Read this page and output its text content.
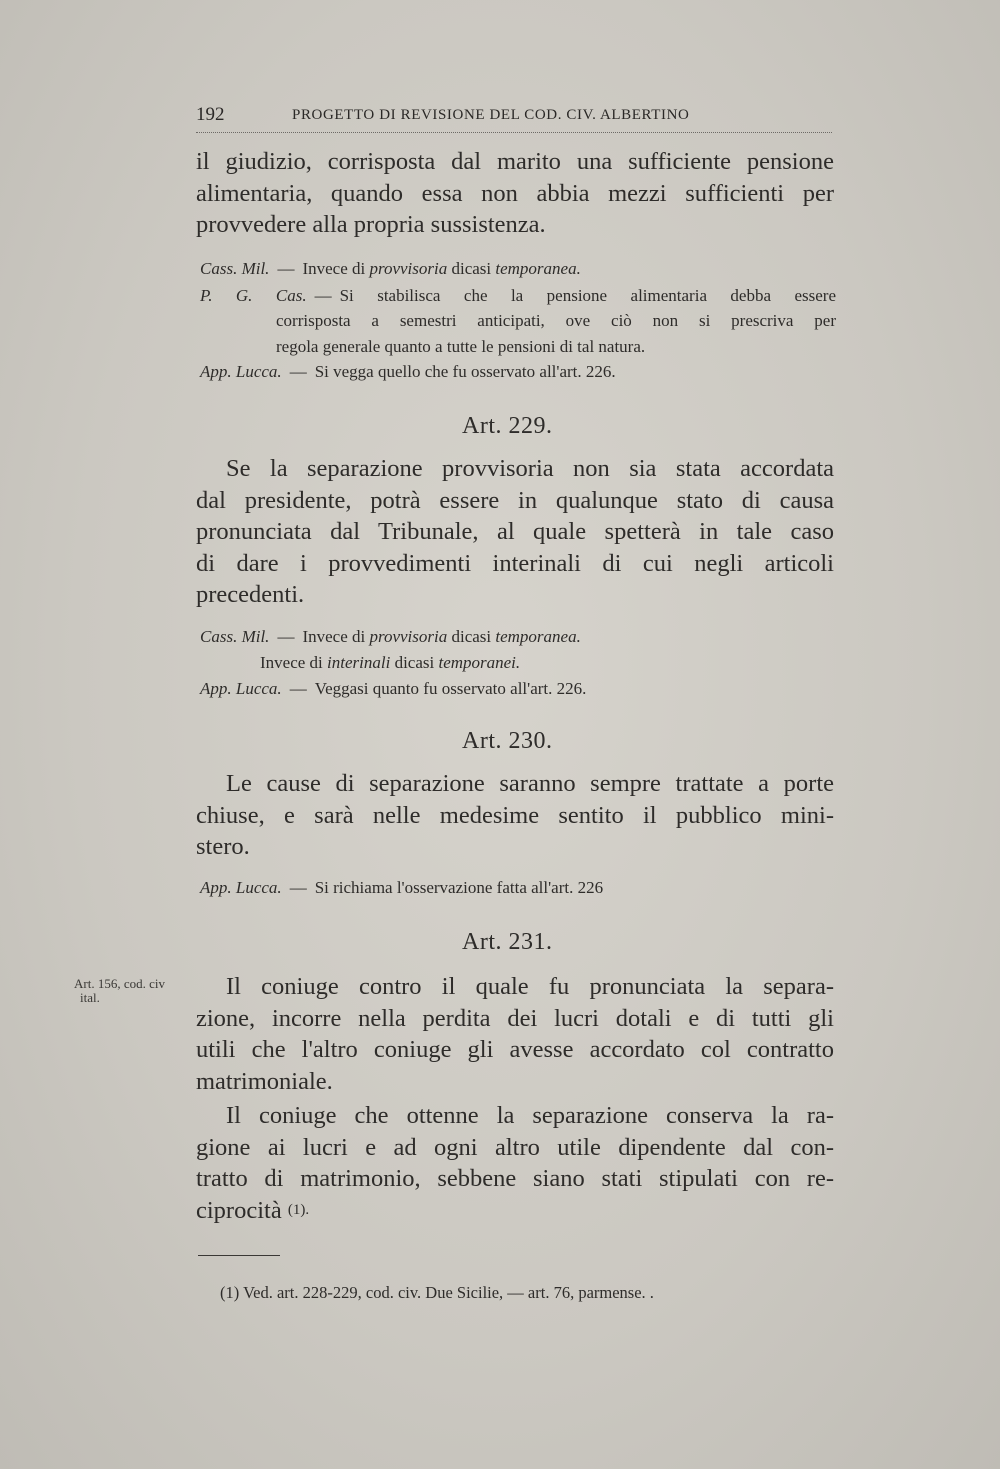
192	PROGETTO DI REVISIONE DEL COD. CIV. ALBERTINO
il giudizio, corrisposta dal marito una sufficiente pensione
alimentaria, quando essa non abbia mezzi sufficienti per
provvedere alla propria sussistenza.
Cass. Mil. — Invece di provvisoria dicasi temporanea.
P. G. Cas. — Si stabilisca che la pensione alimentaria debba essere
corrisposta a semestri anticipati, ove ciò non si prescriva per
regola generale quanto a tutte le pensioni di tal natura.
App. Lucca. — Si vegga quello che fu osservato all'art. 226.
Art. 229.
Se la separazione provvisoria non sia stata accordata
dal presidente, potrà essere in qualunque stato di causa
pronunciata dal Tribunale, al quale spetterà in tale caso
di dare i provvedimenti interinali di cui negli articoli
precedenti.
Cass. Mil. — Invece di provvisoria dicasi temporanea.
Invece di interinali dicasi temporanei.
App. Lucca. — Veggasi quanto fu osservato all'art. 226.
Art. 230.
Le cause di separazione saranno sempre trattate a porte
chiuse, e sarà nelle medesime sentito il pubblico mini-
stero.
App. Lucca. — Si richiama l'osservazione fatta all'art. 226
Art. 231.
Art. 156, cod. civ
ital.	Il coniuge contro il quale fu pronunciata la separa-
zione, incorre nella perdita dei lucri dotali e di tutti gli
utili che l'altro coniuge gli avesse accordato col contratto
matrimoniale.
Il coniuge che ottenne la separazione conserva la ra-
gione ai lucri e ad ogni altro utile dipendente dal con-
tratto di matrimonio, sebbene siano stati stipulati con re-
ciprocità $^{(1).}$
(1) Ved. art. 228-229, cod. civ. Due Sicilie, — art. 76, parmense. .
